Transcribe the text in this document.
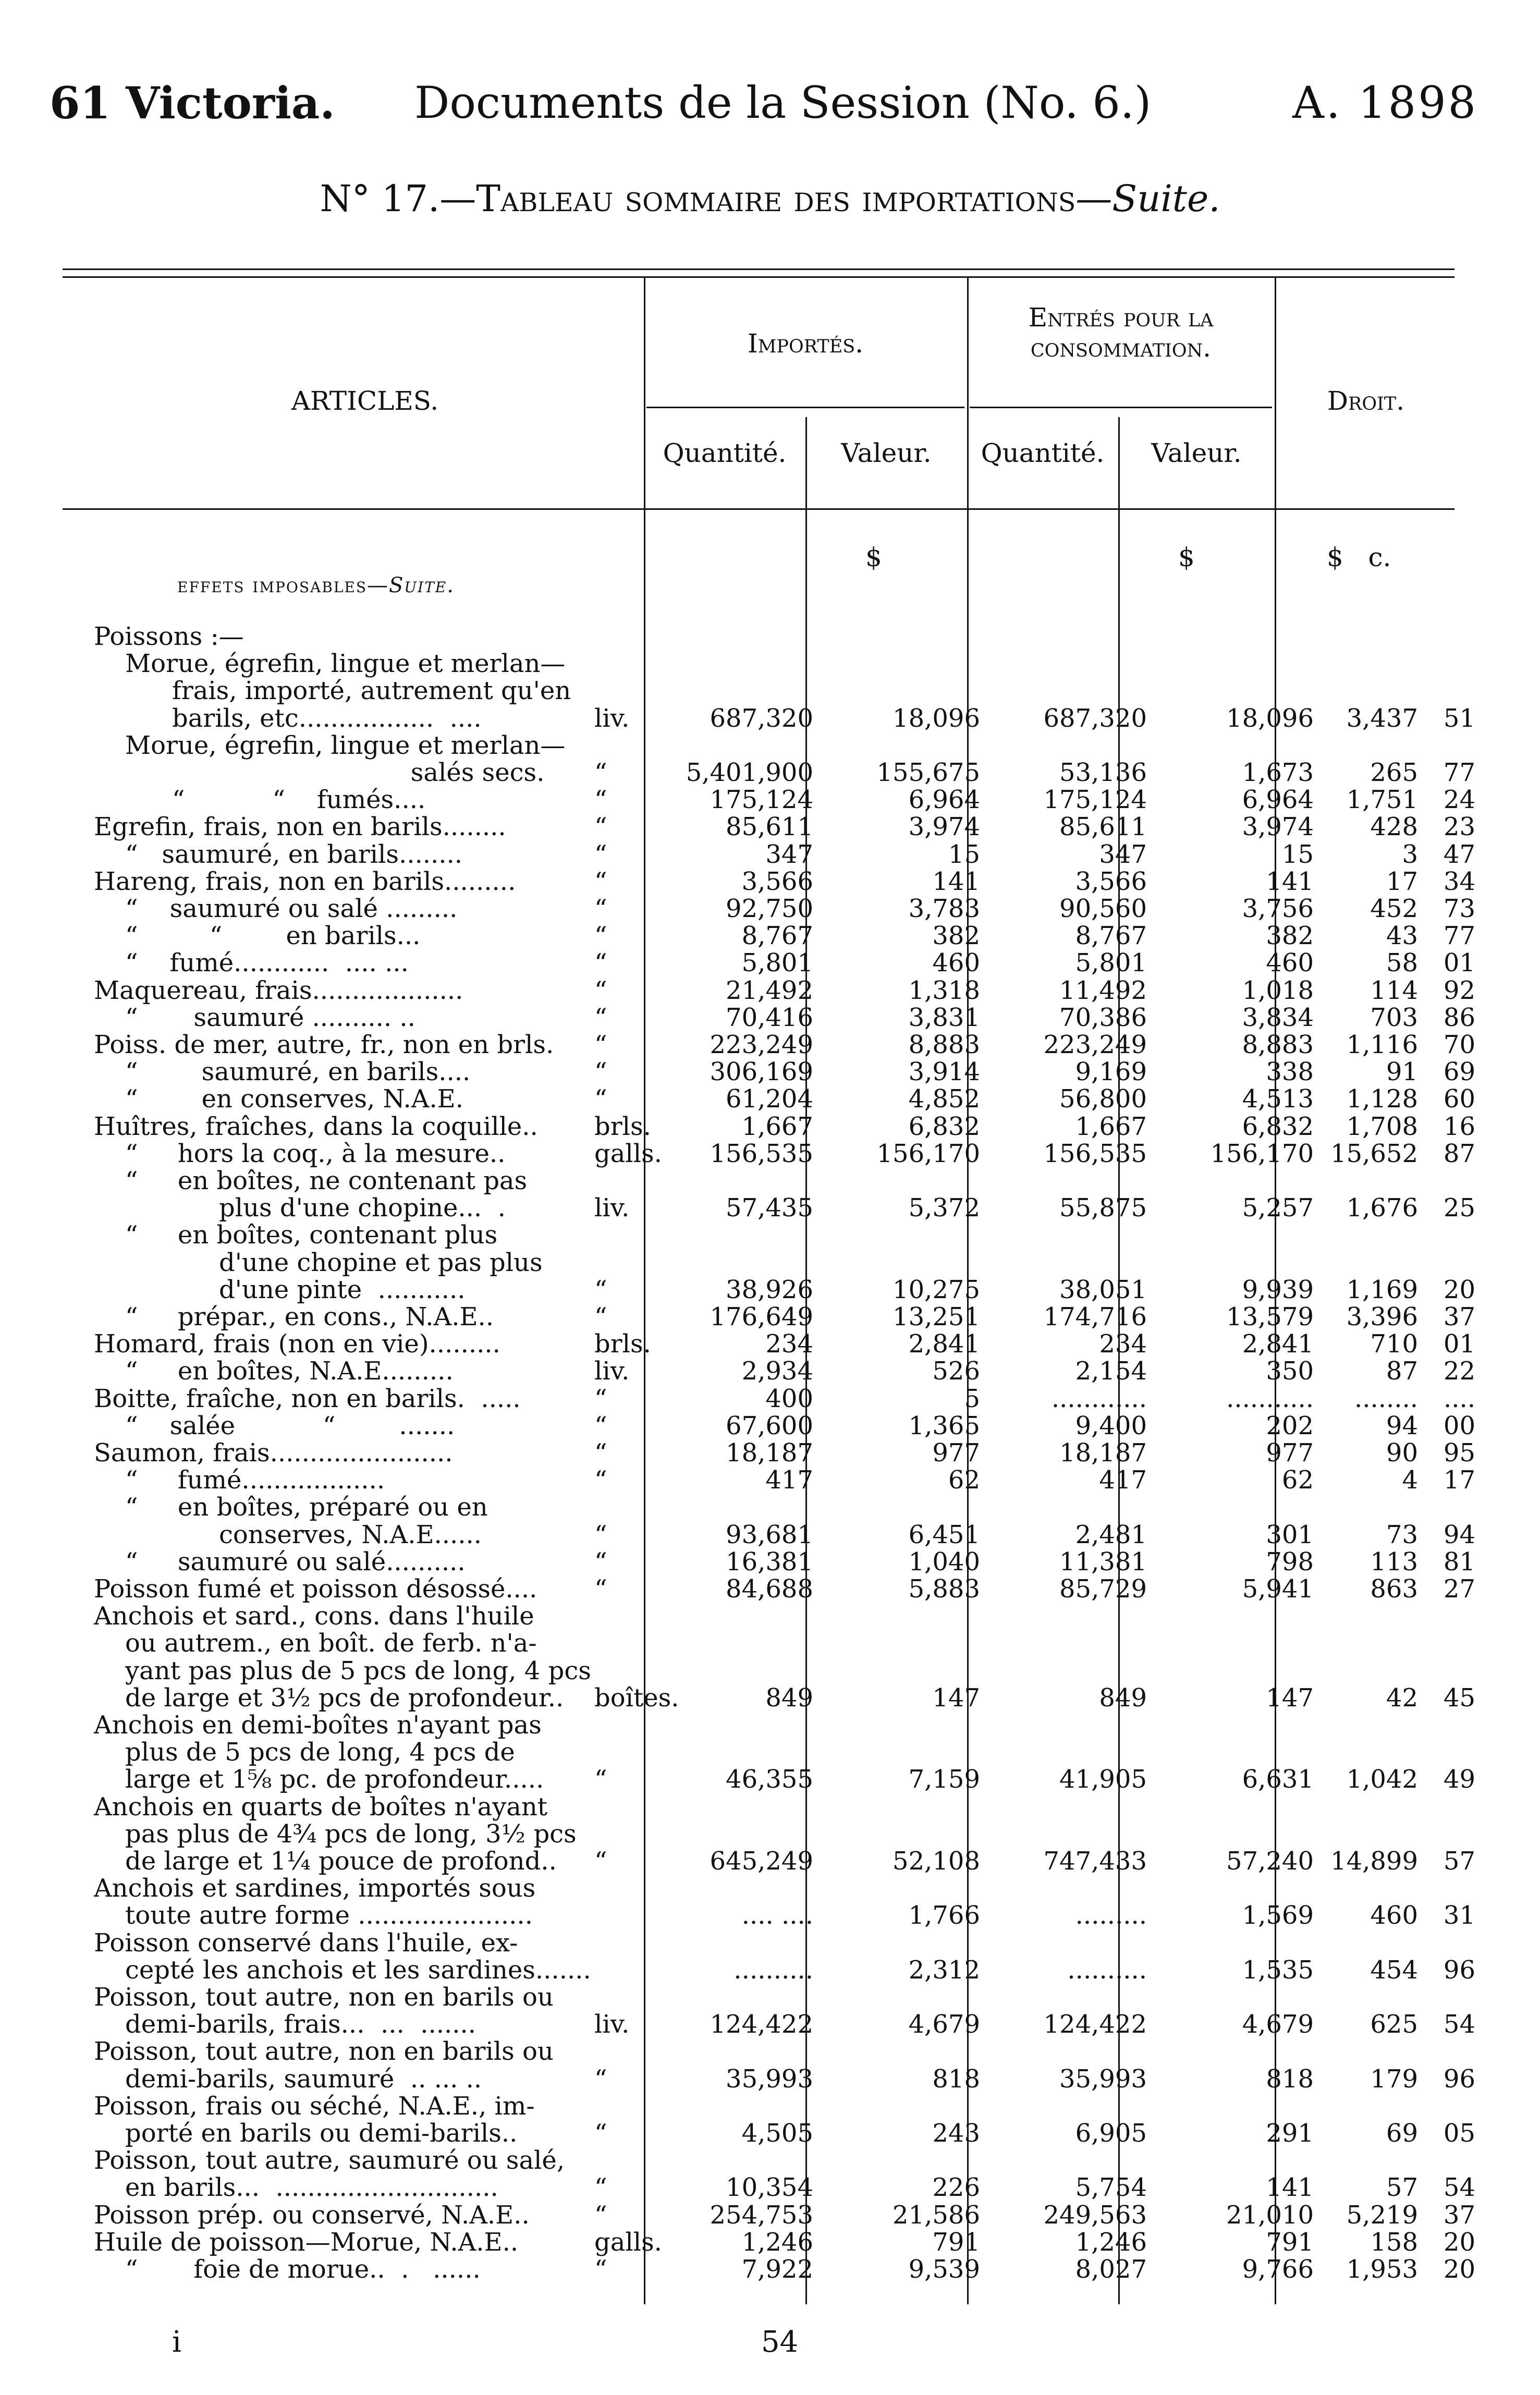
61 Victoria. Documents de la Session (No. 6.)	A. 1898
N° 17.—Tableau sommaire des importations—Suite.
ARTICLES.
Importés.
Entrés pour la consommation.
Droit.
Quantité.	Valeur.	Quantité.	Valeur.
$	$	$   c.
effets imposables—Suite.
Poissons :—
Morue, égrefin, lingue et merlan—
frais, importé, autrement qu'en
barils, etc.................  ....	liv.	687,320	18,096	687,320	18,096	3,437	51
Morue, égrefin, lingue et merlan—
salés secs.	“	5,401,900	155,675	53,136	1,673	265	77
“           “    fumés....	“	175,124	6,964	175,124	6,964	1,751	24
Egrefin, frais, non en barils........	“	85,611	3,974	85,611	3,974	428	23
“   saumuré, en barils........	“	347	15	347	15	3	47
Hareng, frais, non en barils.........	“	3,566	141	3,566	141	17	34
“    saumuré ou salé .........	“	92,750	3,783	90,560	3,756	452	73
“         “        en barils...	“	8,767	382	8,767	382	43	77
“    fumé............  .... ...	“	5,801	460	5,801	460	58	01
Maquereau, frais...................	“	21,492	1,318	11,492	1,018	114	92
“       saumuré .......... ..	“	70,416	3,831	70,386	3,834	703	86
Poiss. de mer, autre, fr., non en brls.	“	223,249	8,883	223,249	8,883	1,116	70
“        saumuré, en barils....	“	306,169	3,914	9,169	338	91	69
“        en conserves, N.A.E.	“	61,204	4,852	56,800	4,513	1,128	60
Huîtres, fraîches, dans la coquille..	brls.	1,667	6,832	1,667	6,832	1,708	16
“     hors la coq., à la mesure..	galls.	156,535	156,170	156,535	156,170 15,652	87
“     en boîtes, ne contenant pas
plus d'une chopine...  .	liv.	57,435	5,372	55,875	5,257	1,676	25
“     en boîtes, contenant plus
d'une chopine et pas plus
d'une pinte  ...........	“	38,926	10,275	38,051	9,939	1,169	20
“     prépar., en cons., N.A.E..	“	176,649	13,251	174,716	13,579	3,396	37
Homard, frais (non en vie).........	brls.	234	2,841	234	2,841	710	01
“     en boîtes, N.A.E.........	liv.	2,934	526	2,154	350	87	22
Boitte, fraîche, non en barils.  .....	“	400	5	............	...........	........	....
“    salée           “        .......	“	67,600	1,365	9,400	202	94	00
Saumon, frais.......................	“	18,187	977	18,187	977	90	95
“     fumé..................	“	417	62	417	62	4	17
“     en boîtes, préparé ou en
conserves, N.A.E......	“	93,681	6,451	2,481	301	73	94
“     saumuré ou salé..........	“	16,381	1,040	11,381	798	113	81
Poisson fumé et poisson désossé....	“	84,688	5,883	85,729	5,941	863	27
Anchois et sard., cons. dans l'huile
ou autrem., en boît. de ferb. n'a-
yant pas plus de 5 pcs de long, 4 pcs
de large et 3½ pcs de profondeur..	boîtes.	849	147	849	147	42	45
Anchois en demi-boîtes n'ayant pas
plus de 5 pcs de long, 4 pcs de
large et 1⅝ pc. de profondeur.....	“	46,355	7,159	41,905	6,631	1,042	49
Anchois en quarts de boîtes n'ayant
pas plus de 4¾ pcs de long, 3½ pcs
de large et 1¼ pouce de profond..	“	645,249	52,108	747,433	57,240 14,899	57
Anchois et sardines, importés sous
toute autre forme ......................	.... ....	1,766	.........	1,569	460	31
Poisson conservé dans l'huile, ex-
cepté les anchois et les sardines.......	..........	2,312	..........	1,535	454	96
Poisson, tout autre, non en barils ou
demi-barils, frais...  ...  .......	liv.	124,422	4,679	124,422	4,679	625	54
Poisson, tout autre, non en barils ou
demi-barils, saumuré  .. ... ..	“	35,993	818	35,993	818	179	96
Poisson, frais ou séché, N.A.E., im-
porté en barils ou demi-barils..	“	4,505	243	6,905	291	69	05
Poisson, tout autre, saumuré ou salé,
en barils...  ............................	“	10,354	226	5,754	141	57	54
Poisson prép. ou conservé, N.A.E..	“	254,753	21,586	249,563	21,010	5,219	37
Huile de poisson—Morue, N.A.E..	galls.	1,246	791	1,246	791	158	20
“       foie de morue..  .   ......	“	7,922	9,539	8,027	9,766	1,953	20
i	54
